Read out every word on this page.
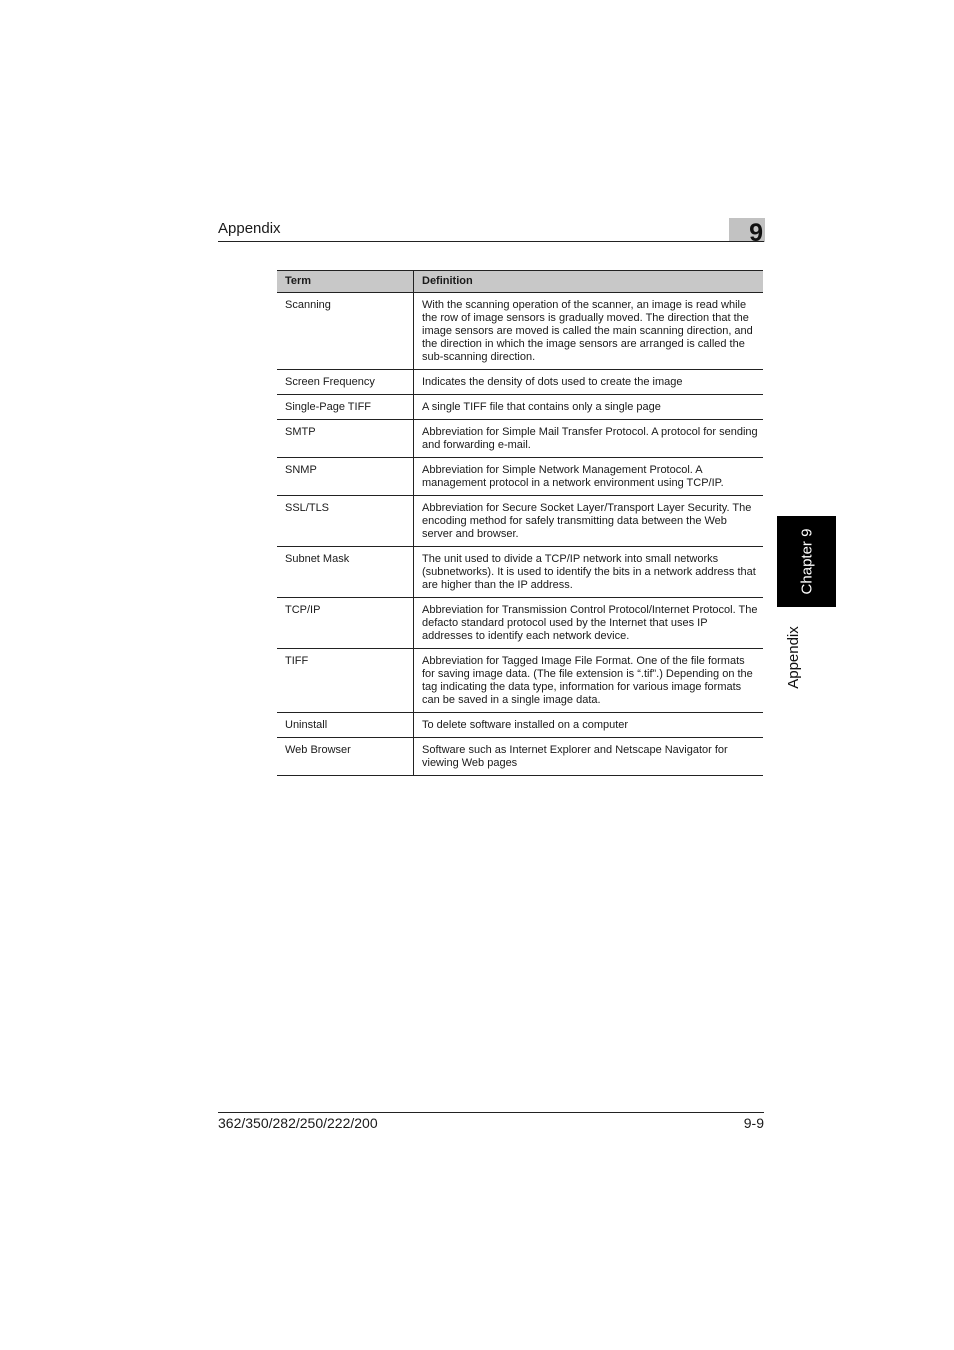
Appendix	9
Term	Definition
Scanning	With the scanning operation of the scanner, an image is read while the row of image sensors is gradually moved. The direction that the image sensors are moved is called the main scanning direction, and the direction in which the image sensors are arranged is called the sub-scanning direction.
Screen Frequency	Indicates the density of dots used to create the image
Single-Page TIFF	A single TIFF file that contains only a single page
SMTP	Abbreviation for Simple Mail Transfer Protocol. A protocol for sending and forwarding e-mail.
SNMP	Abbreviation for Simple Network Management Protocol. A management protocol in a network environment using TCP/IP.
SSL/TLS	Abbreviation for Secure Socket Layer/Transport Layer Security. The encoding method for safely transmitting data between the Web server and browser.
Subnet Mask	The unit used to divide a TCP/IP network into small networks (subnetworks). It is used to identify the bits in a network address that are higher than the IP address.
TCP/IP	Abbreviation for Transmission Control Protocol/Internet Protocol. The defacto standard protocol used by the Internet that uses IP addresses to identify each network device.
TIFF	Abbreviation for Tagged Image File Format. One of the file formats for saving image data. (The file extension is “.tif”.) Depending on the tag indicating the data type, information for various image formats can be saved in a single image data.
Uninstall	To delete software installed on a computer
Web Browser	Software such as Internet Explorer and Netscape Navigator for viewing Web pages
Chapter 9
Appendix
362/350/282/250/222/200	9-9
